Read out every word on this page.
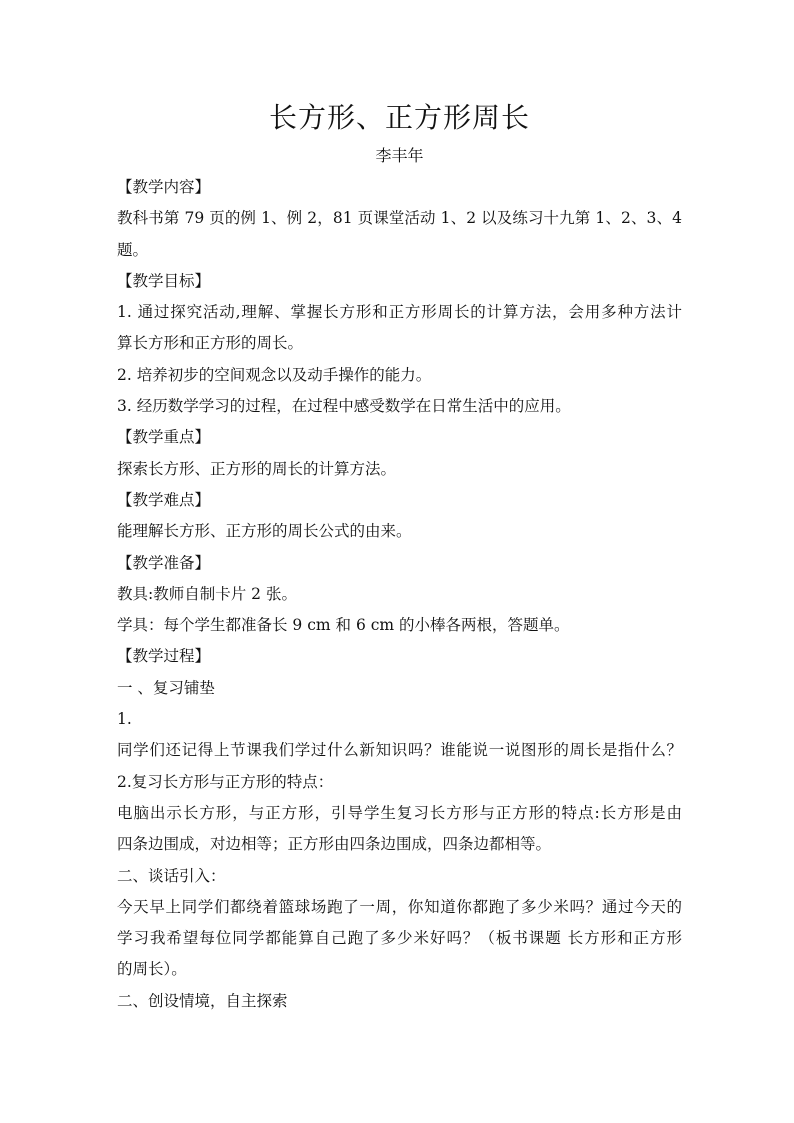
长方形、正方形周长

李丰年

【教学内容】

教科书第 79 页的例 1、例 2，81 页课堂活动 1、2 以及练习十九第 1、2、3、4

题。

【教学目标】

1. 通过探究活动,理解、掌握长方形和正方形周长的计算方法，会用多种方法计

算长方形和正方形的周长。

2. 培养初步的空间观念以及动手操作的能力。

3. 经历数学学习的过程，在过程中感受数学在日常生活中的应用。

【教学重点】

探索长方形、正方形的周长的计算方法。

【教学难点】

能理解长方形、正方形的周长公式的由来。

【教学准备】

教具:教师自制卡片 2 张。

学具：每个学生都准备长 9 cm 和 6 cm 的小棒各两根，答题单。

【教学过程】

一 、复习铺垫

1.

同学们还记得上节课我们学过什么新知识吗？谁能说一说图形的周长是指什么？

2.复习长方形与正方形的特点：

电脑出示长方形，与正方形，引导学生复习长方形与正方形的特点:长方形是由

四条边围成，对边相等；正方形由四条边围成，四条边都相等。

二、谈话引入：

今天早上同学们都绕着篮球场跑了一周，你知道你都跑了多少米吗？通过今天的

学习我希望每位同学都能算自己跑了多少米好吗？（板书课题 长方形和正方形

的周长）。

二、创设情境，自主探索
